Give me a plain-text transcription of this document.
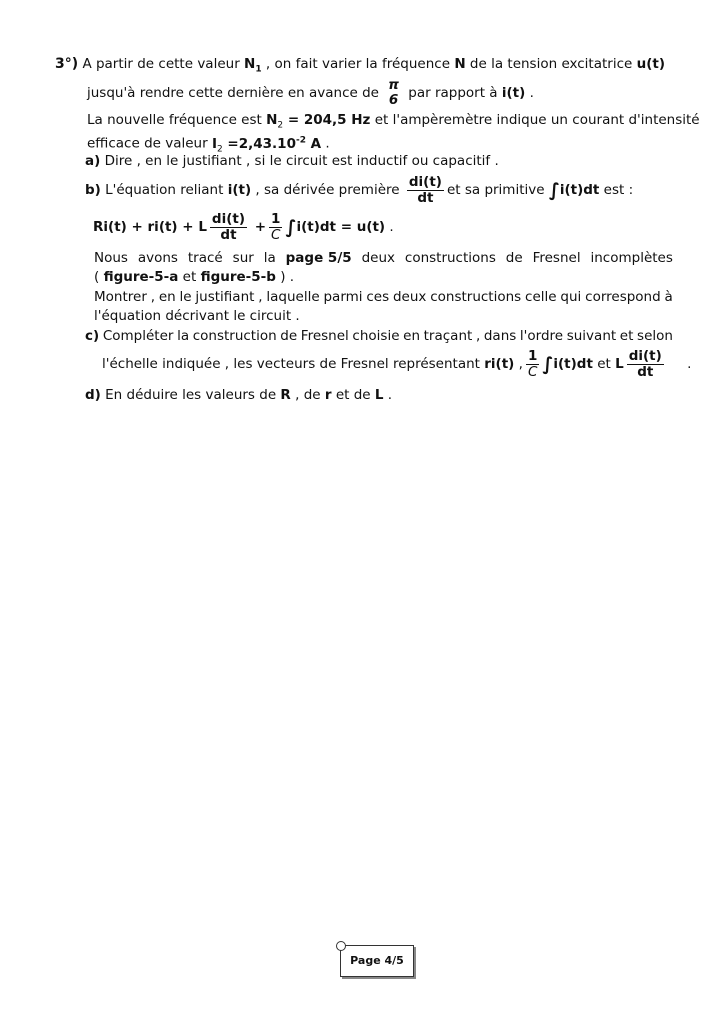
3°) A partir de cette valeur $N_1$ , on fait varier la fréquence N de la tension excitatrice u(t)
jusqu'à rendre cette dernière en avance de π
6 par rapport à i(t) .
La nouvelle fréquence est $N_2 = 204,5$ Hz et l'ampèremètre indique un courant d'intensité
efficace de valeur $I_2 =2,43.10^{-2}$ A .
a) Dire , en le justifiant , si le circuit est inductif ou capacitif .
b) L'équation reliant i(t) , sa dérivée première $\frac{di(t)}{dt}$ et sa primitive ∫i(t)dt est :
Ri(t) + ri(t) + L $\frac{di(t)}{dt} + \frac{1}{C} \int i(t)dt = u(t)$ .
Nous avons tracé sur la page 5/5 deux constructions de Fresnel incomplètes
( figure-5-a et figure-5-b ) .
Montrer , en le justifiant , laquelle parmi ces deux constructions celle qui correspond à
l'équation décrivant le circuit .
c) Compléter la construction de Fresnel choisie en traçant , dans l'ordre suivant et selon
l'échelle indiquée , les vecteurs de Fresnel représentant ri(t) , $\frac{1}{C} \int i(t)dt$ et L $\frac{di(t)}{dt}$ .
d) En déduire les valeurs de R , de r et de L .
Page 4/5
